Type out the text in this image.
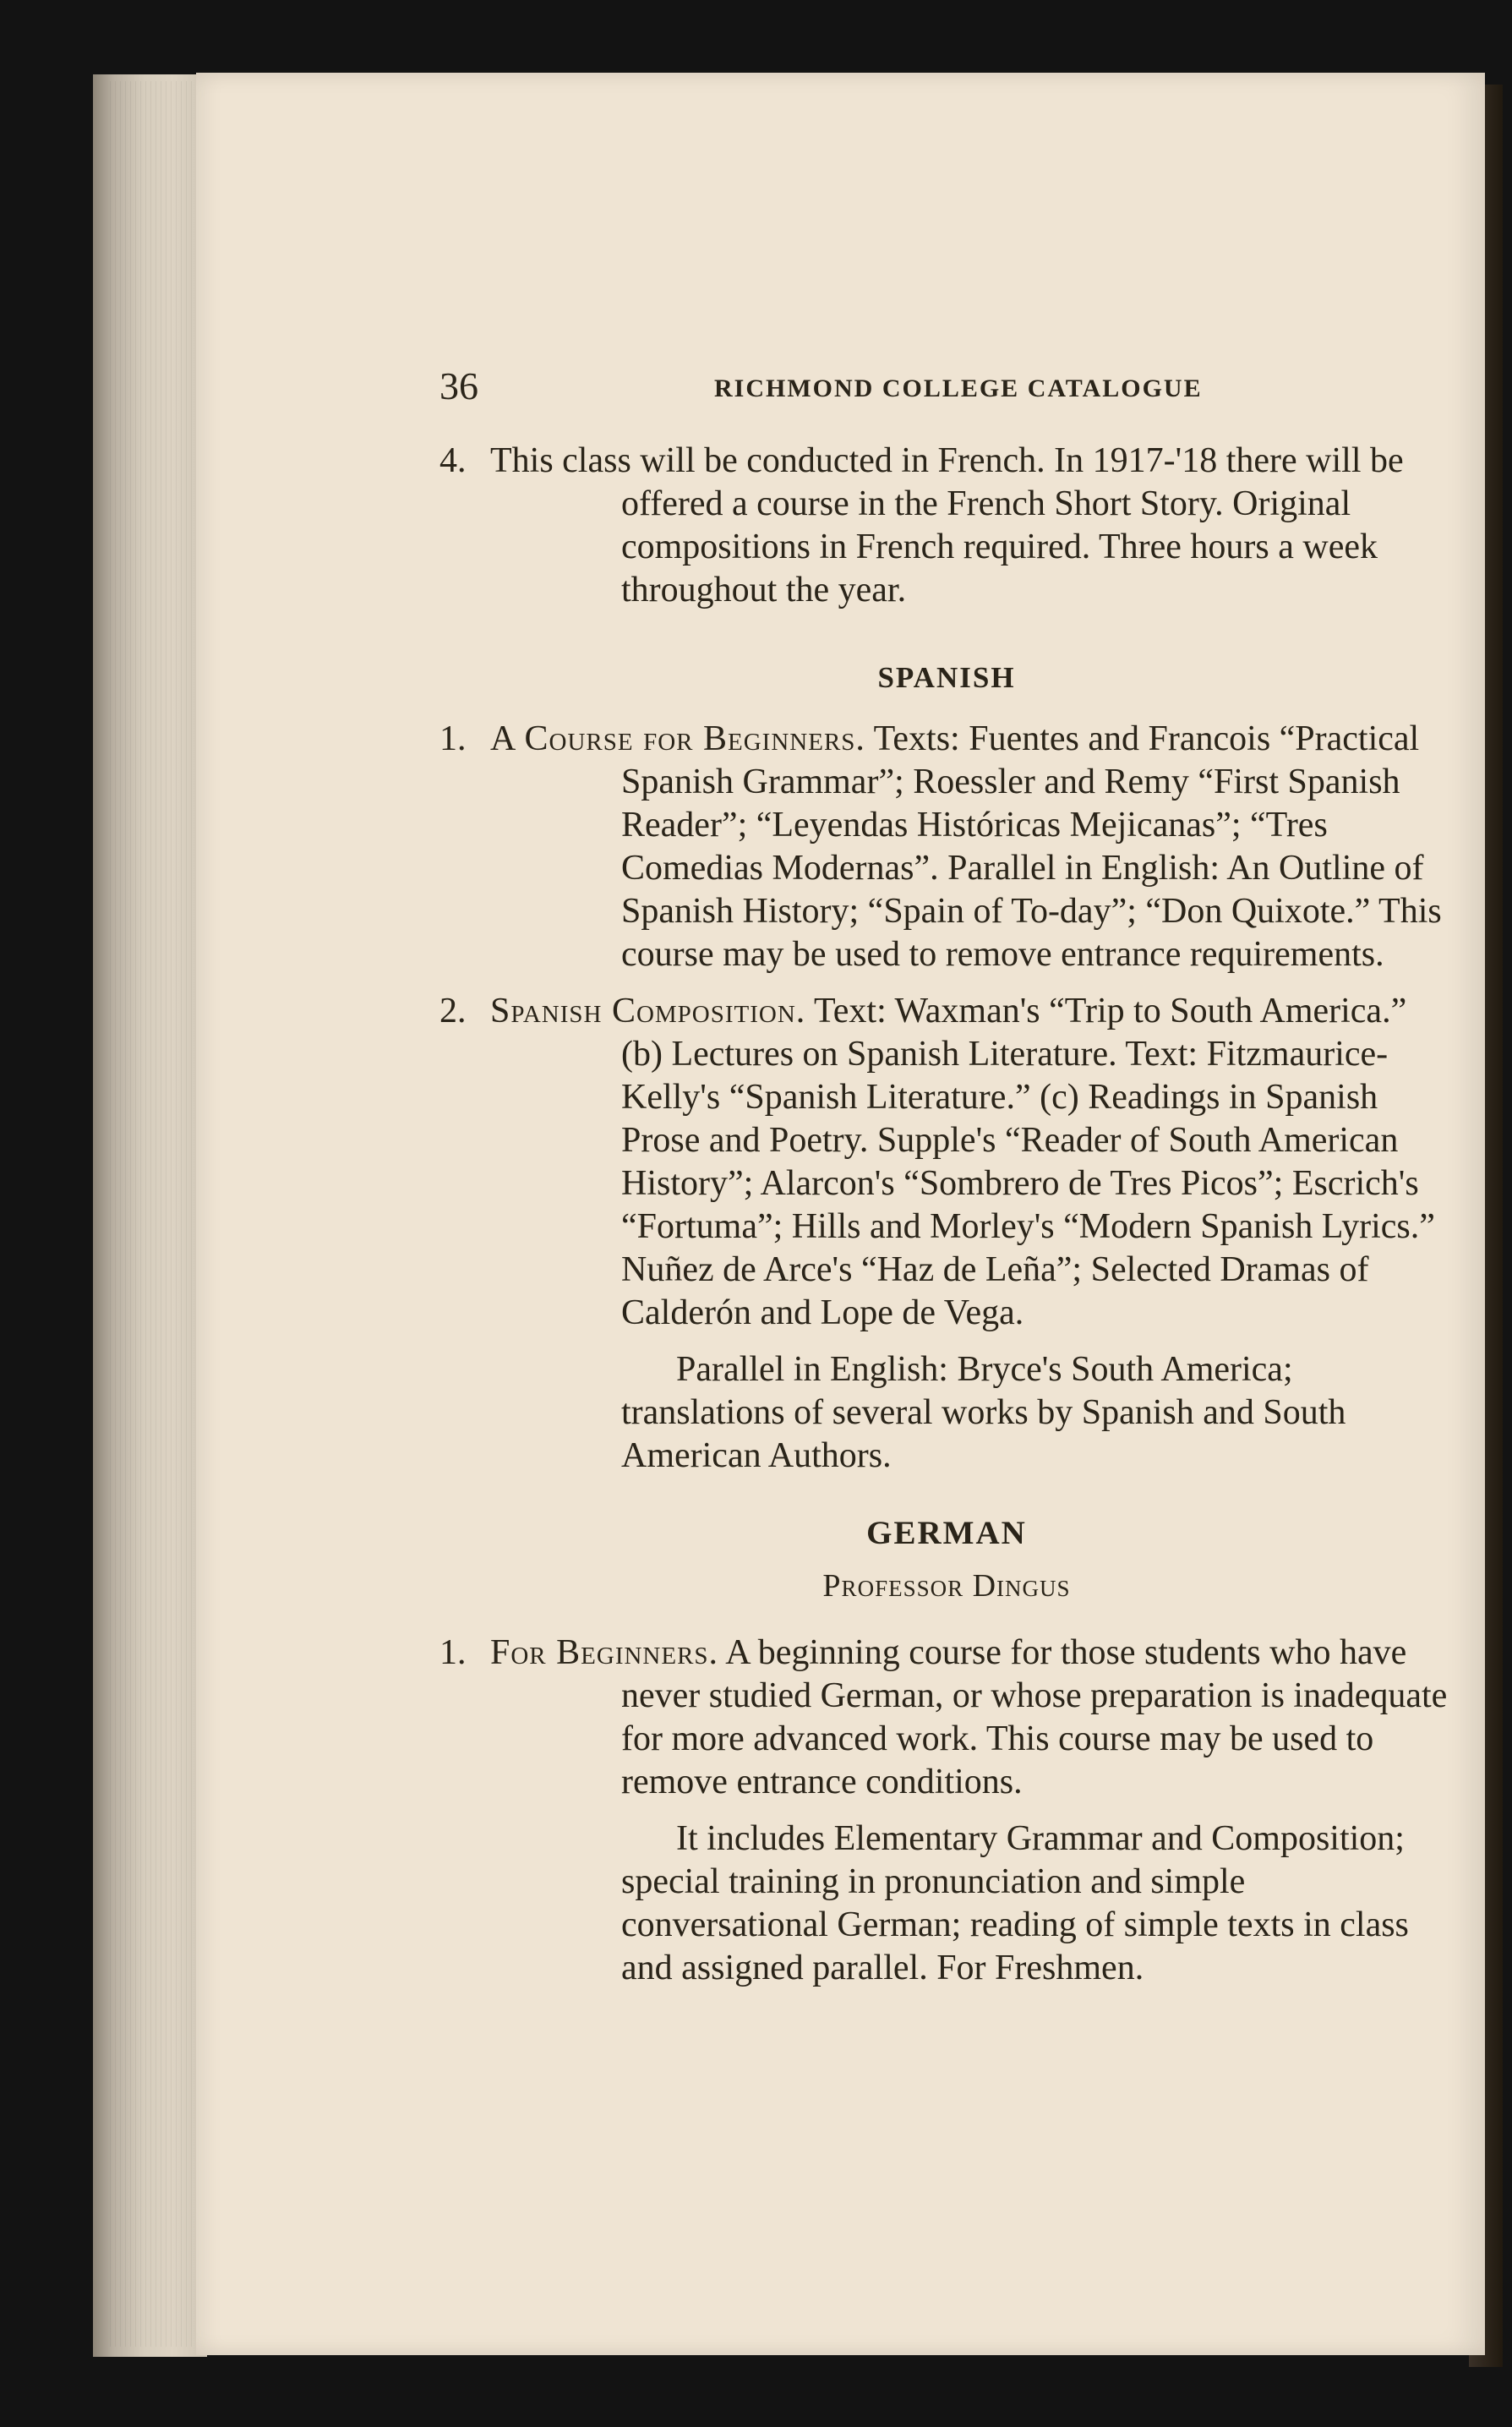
36	RICHMOND COLLEGE CATALOGUE

4. This class will be conducted in French. In 1917-'18 there will be offered a course in the French Short Story. Original compositions in French required. Three hours a week throughout the year.

SPANISH

1. A Course for Beginners. Texts: Fuentes and Francois “Practical Spanish Grammar”; Roessler and Remy “First Spanish Reader”; “Leyendas Históricas Mejicanas”; “Tres Comedias Modernas”. Parallel in English: An Outline of Spanish History; “Spain of To-day”; “Don Quixote.” This course may be used to remove entrance requirements.

2. Spanish Composition. Text: Waxman's “Trip to South America.” (b) Lectures on Spanish Literature. Text: Fitzmaurice-Kelly's “Spanish Literature.” (c) Readings in Spanish Prose and Poetry. Supple's “Reader of South American History”; Alarcon's “Sombrero de Tres Picos”; Escrich's “Fortuma”; Hills and Morley's “Modern Spanish Lyrics.” Nuñez de Arce's “Haz de Leña”; Selected Dramas of Calderón and Lope de Vega.

Parallel in English: Bryce's South America; translations of several works by Spanish and South American Authors.

GERMAN
Professor Dingus

1. For Beginners. A beginning course for those students who have never studied German, or whose preparation is inadequate for more advanced work. This course may be used to remove entrance conditions.

It includes Elementary Grammar and Composition; special training in pronunciation and simple conversational German; reading of simple texts in class and assigned parallel. For Freshmen.
